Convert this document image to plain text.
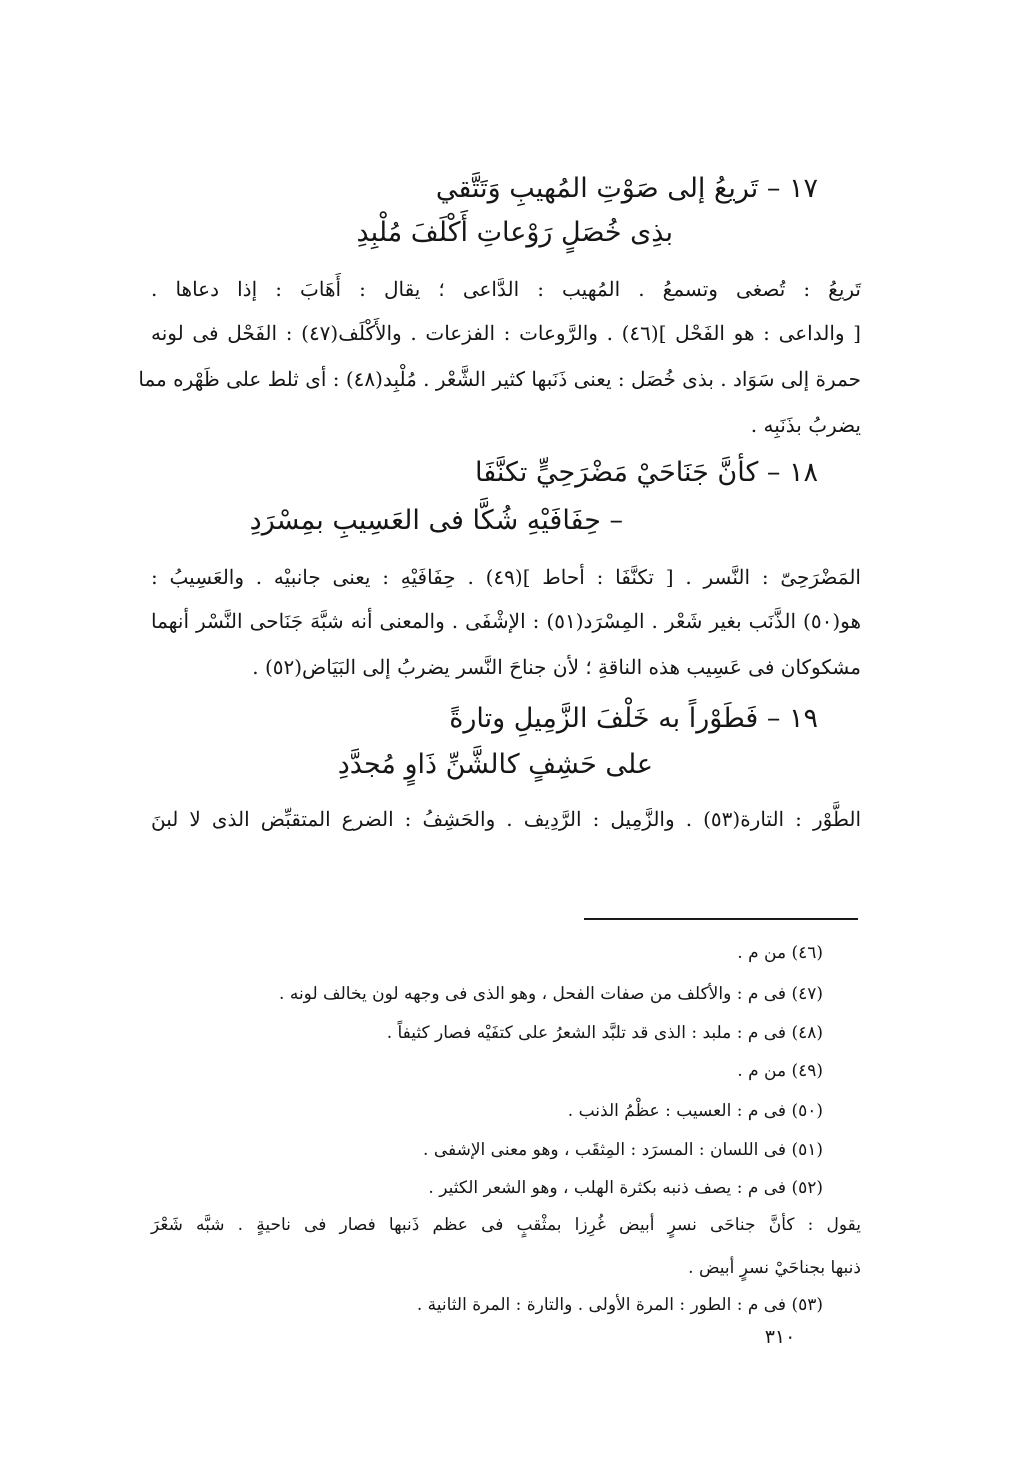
١٧ – تَريعُ إلى صَوْتِ المُهيبِ وَتَتَّقي

بذِى خُصَلٍ رَوْعاتِ أَكْلَفَ مُلْبِدِ

تَريعُ : تُصغى وتسمعُ . المُهيب : الدَّاعى ؛ يقال : أَهَابَ : إذا دعاها .

[ والداعى : هو الفَحْل ](٤٦) . والرَّوعات : الفزعات . والأَكْلَف(٤٧) : الفَحْل فى لونه

حمرة إلى سَوَاد . بذى خُصَل : يعنى ذَنَبها كثير الشَّعْر . مُلْبِد(٤٨) : أى ثلط على ظَهْره مما

يضربُ بذَنَبِه .

١٨ – كأنَّ جَنَاحَيْ مَضْرَحِيٍّ تكنَّفَا

– حِفَافَيْهِ شُكَّا فى العَسِيبِ بمِسْرَدِ

المَضْرَحِىّ : النَّسر . [ تكنَّفَا : أحاط ](٤٩) . حِفَافَيْهِ : يعنى جانبيْه . والعَسِيبُ :

هو(٥٠) الذَّنَب بغير شَعْر . المِسْرَد(٥١) : الإشْفَى . والمعنى أنه شبَّهَ جَنَاحى النَّسْر أنهما

مشكوكان فى عَسِيب هذه الناقةِ ؛ لأن جناحَ النَّسر يضربُ إلى البَيَاض(٥٢) .

١٩ – فَطَوْراً به خَلْفَ الزَّمِيلِ وتارةً

على حَشِفٍ كالشَّنِّ ذَاوٍ مُجدَّدِ

الطَّوْر : التارة(٥٣) . والزَّمِيل : الرَّدِيف . والحَشِفُ : الضرع المتقبِّض الذى لا لبنَ

(٤٦) من م .

(٤٧) فى م : والأكلف من صفات الفحل ، وهو الذى فى وجهه لون يخالف لونه .

(٤٨) فى م : ملبد : الذى قد تلبَّد الشعرُ على كتفَيْه فصار كثيفاً .

(٤٩) من م .

(٥٠) فى م : العسيب : عظْمُ الذنب .

(٥١) فى اللسان : المسرَد : المِثقَب ، وهو معنى الإشفى .

(٥٢) فى م : يصف ذنبه بكثرة الهلب ، وهو الشعر الكثير .

يقول : كأنَّ جناحَى نسرٍ أبيض غُرِزا بمثْقبٍ فى عظم ذَنبها فصار فى ناحيةٍ . شبَّه شَعْرَ

ذنبها بجناحَيْ نسرٍ أبيض .

(٥٣) فى م : الطور : المرة الأولى . والتارة : المرة الثانية .

٣١٠
